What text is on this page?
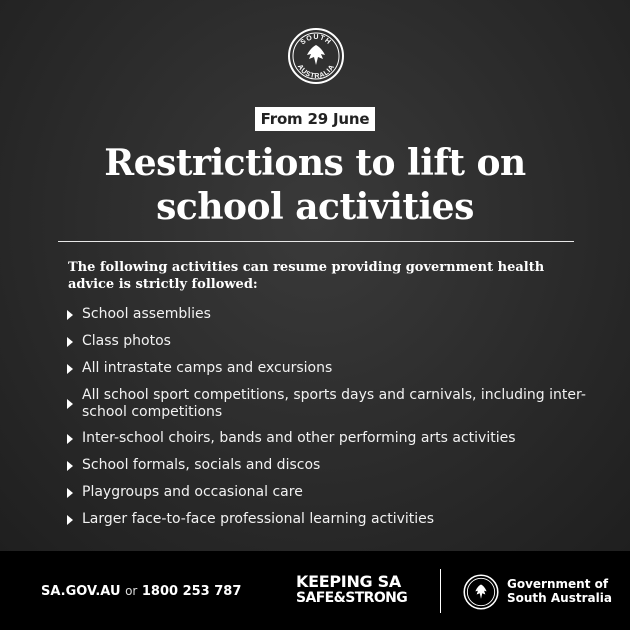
SOUTH
AUSTRALIA
From 29 June
Restrictions to lift on
school activities
The following activities can resume providing government health advice is strictly followed:
School assemblies
Class photos
All intrastate camps and excursions
All school sport competitions, sports days and carnivals, including inter-school competitions
Inter-school choirs, bands and other performing arts activities
School formals, socials and discos
Playgroups and occasional care
Larger face-to-face professional learning activities
SA.GOV.AU or 1800 253 787
KEEPING SA
SAFE&STRONG
Government of
South Australia
